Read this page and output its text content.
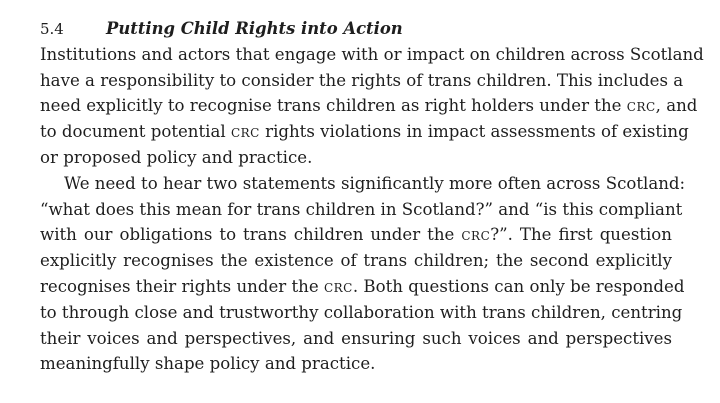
5.4	Putting Child Rights into Action
Institutions and actors that engage with or impact on children across Scotland
have a responsibility to consider the rights of trans children. This includes a
need explicitly to recognise trans children as right holders under the crc, and
to document potential crc rights violations in impact assessments of existing
or proposed policy and practice.
We need to hear two statements significantly more often across Scotland:
“what does this mean for trans children in Scotland?” and “is this compliant
with our obligations to trans children under the crc?”. The first question
explicitly recognises the existence of trans children; the second explicitly
recognises their rights under the crc. Both questions can only be responded
to through close and trustworthy collaboration with trans children, centring
their voices and perspectives, and ensuring such voices and perspectives
meaningfully shape policy and practice.
